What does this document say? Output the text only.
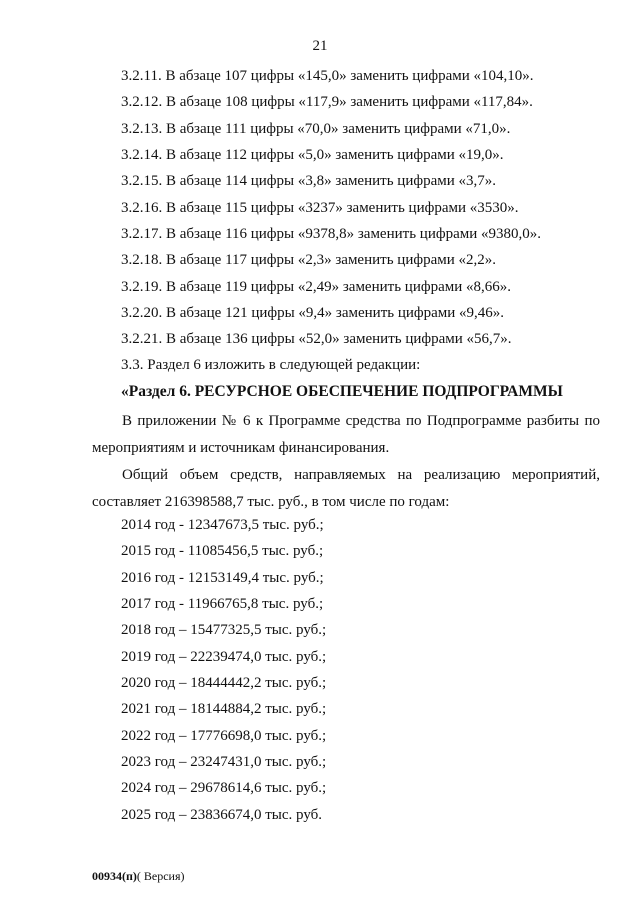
21
3.2.11. В абзаце 107 цифры «145,0» заменить цифрами «104,10».
3.2.12. В абзаце 108 цифры «117,9» заменить цифрами «117,84».
3.2.13. В абзаце 111 цифры «70,0» заменить цифрами «71,0».
3.2.14. В абзаце 112 цифры «5,0» заменить цифрами «19,0».
3.2.15. В абзаце 114 цифры «3,8» заменить цифрами «3,7».
3.2.16. В абзаце 115 цифры «3237» заменить цифрами «3530».
3.2.17. В абзаце 116 цифры «9378,8» заменить цифрами «9380,0».
3.2.18. В абзаце 117 цифры «2,3» заменить цифрами «2,2».
3.2.19. В абзаце 119 цифры «2,49» заменить цифрами «8,66».
3.2.20. В абзаце 121 цифры «9,4» заменить цифрами «9,46».
3.2.21. В абзаце 136 цифры «52,0» заменить цифрами «56,7».
3.3. Раздел 6 изложить в следующей редакции:
«Раздел 6. РЕСУРСНОЕ ОБЕСПЕЧЕНИЕ ПОДПРОГРАММЫ
В приложении № 6 к Программе средства по Подпрограмме разбиты по мероприятиям и источникам финансирования.
Общий объем средств, направляемых на реализацию мероприятий, составляет 216398588,7 тыс. руб., в том числе по годам:
2014 год - 12347673,5 тыс. руб.;
2015 год - 11085456,5 тыс. руб.;
2016 год - 12153149,4 тыс. руб.;
2017 год - 11966765,8 тыс. руб.;
2018 год – 15477325,5 тыс. руб.;
2019 год – 22239474,0 тыс. руб.;
2020 год – 18444442,2 тыс. руб.;
2021 год – 18144884,2 тыс. руб.;
2022 год – 17776698,0 тыс. руб.;
2023 год – 23247431,0 тыс. руб.;
2024 год – 29678614,6 тыс. руб.;
2025 год – 23836674,0 тыс. руб.
00934(п)( Версия)
